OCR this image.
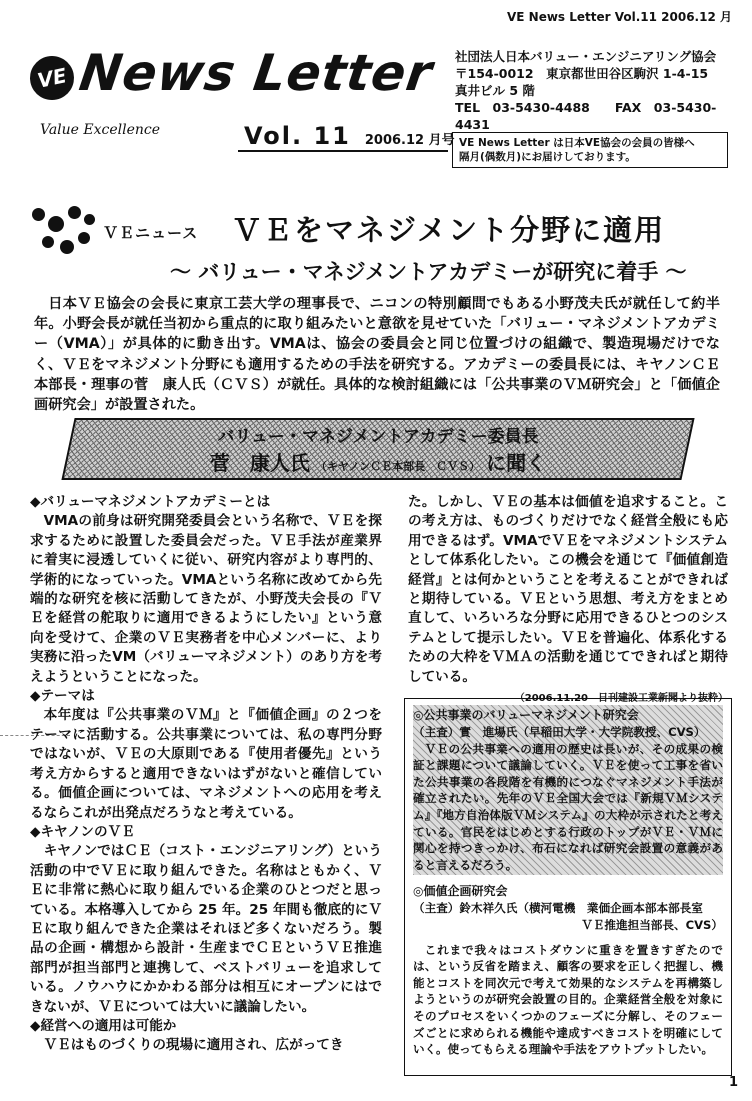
VE News Letter Vol.11 2006.12 月
VE News Letter
Value Excellence	Vol. 11 2006.12 月号
社団法人日本バリュー・エンジニアリング協会
〒154-0012　東京都世田谷区駒沢 1-4-15
真井ビル 5 階
TEL　03-5430-4488　　FAX　03-5430-4431
VE News Letter は日本VE協会の会員の皆様へ
隔月(偶数月)にお届けしております。
ＶＥニュース ＶＥをマネジメント分野に適用
～ バリュー・マネジメントアカデミーが研究に着手 ～

日本ＶＥ協会の会長に東京工芸大学の理事長で、ニコンの特別顧問でもある小野茂夫氏が就任して約半年。小野会長が就任当初から重点的に取り組みたいと意欲を見せていた「バリュー・マネジメントアカデミー（VMA）」が具体的に動き出す。VMAは、協会の委員会と同じ位置づけの組織で、製造現場だけでなく、ＶＥをマネジメント分野にも適用するための手法を研究する。アカデミーの委員長には、キヤノンＣＥ本部長・理事の菅　康人氏（ＣＶＳ）が就任。具体的な検討組織には「公共事業のＶＭ研究会」と「価値企画研究会」が設置された。

バリュー・マネジメントアカデミー委員長
菅　康人氏 （キヤノンＣＥ本部長　ＣＶＳ） に聞く
◆バリューマネジメントアカデミーとは

VMAの前身は研究開発委員会という名称で、ＶＥを探求するために設置した委員会だった。ＶＥ手法が産業界に着実に浸透していくに従い、研究内容がより専門的、学術的になっていった。VMAという名称に改めてから先端的な研究を核に活動してきたが、小野茂夫会長の『ＶＥを経営の舵取りに適用できるようにしたい』という意向を受けて、企業のＶＥ実務者を中心メンバーに、より実務に沿ったVM（バリューマネジメント）のあり方を考えようということになった。

◆テーマは

本年度は『公共事業のＶＭ』と『価値企画』の２つをテーマに活動する。公共事業については、私の専門分野ではないが、ＶＥの大原則である『使用者優先』という考え方からすると適用できないはずがないと確信している。価値企画については、マネジメントへの応用を考えるならこれが出発点だろうなと考えている。

◆キヤノンのＶＥ

キヤノンではＣＥ（コスト・エンジニアリング）という活動の中でＶＥに取り組んできた。名称はともかく、ＶＥに非常に熱心に取り組んでいる企業のひとつだと思っている。本格導入してから 25 年。25 年間も徹底的にＶＥに取り組んできた企業はそれほど多くないだろう。製品の企画・構想から設計・生産までＣＥというＶＥ推進部門が担当部門と連携して、ベストバリューを追求している。ノウハウにかかわる部分は相互にオープンにはできないが、ＶＥについては大いに議論したい。

◆経営への適用は可能か

ＶＥはものづくりの現場に適用され、広がってき

た。しかし、ＶＥの基本は価値を追求すること。この考え方は、ものづくりだけでなく経営全般にも応用できるはず。VMAでＶＥをマネジメントシステムとして体系化したい。この機会を通じて『価値創造経営』とは何かということを考えることができればと期待している。ＶＥという思想、考え方をまとめ直して、いろいろな分野に応用できるひとつのシステムとして提示したい。ＶＥを普遍化、体系化するための大枠をＶＭＡの活動を通じてできればと期待している。

（2006.11.20　日刊建設工業新聞より抜粋）
◎公共事業のバリューマネジメント研究会
（主査）實　進場氏（早稲田大学・大学院教授、CVS）

ＶＥの公共事業への適用の歴史は長いが、その成果の検証と課題について議論していく。ＶＥを使って工事を省いた公共事業の各段階を有機的につなぐマネジメント手法が確立されたい。先年のＶＥ全国大会では『新規ＶＭシステム』『地方自治体版ＶＭシステム』の大枠が示されたと考えている。官民をはじめとする行政のトップがＶＥ・ＶＭに関心を持つきっかけ、布石になれば研究会設置の意義があると言えるだろう。

◎価値企画研究会
（主査）鈴木祥久氏（横河電機　業価企画本部本部長室
ＶＥ推進担当部長、CVS）

これまで我々はコストダウンに重きを置きすぎたのでは、という反省を踏まえ、顧客の要求を正しく把握し、機能とコストを同次元で考えて効果的なシステムを再構築しようというのが研究会設置の目的。企業経営全般を対象にそのプロセスをいくつかのフェーズに分解し、そのフェーズごとに求められる機能や達成すべきコストを明確にしていく。使ってもらえる理論や手法をアウトプットしたい。

1
